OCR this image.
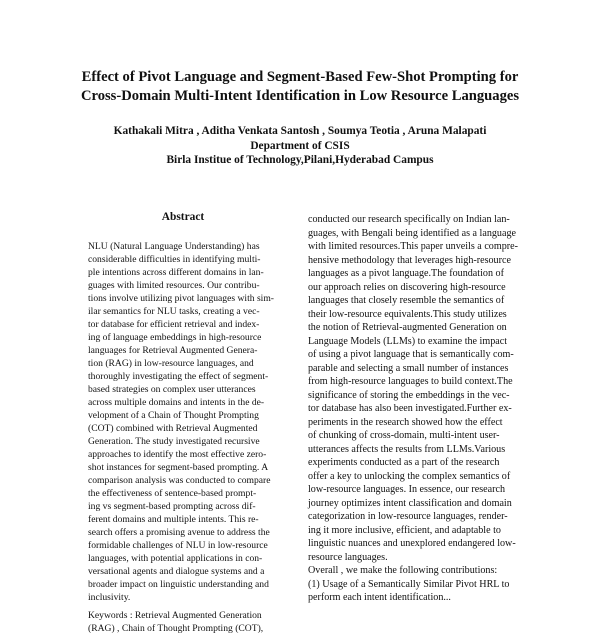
Effect of Pivot Language and Segment-Based Few-Shot Prompting for
Cross-Domain Multi-Intent Identification in Low Resource Languages
Kathakali Mitra , Aditha Venkata Santosh , Soumya Teotia , Aruna Malapati
Department of CSIS
Birla Institue of Technology,Pilani,Hyderabad Campus
Abstract
NLU (Natural Language Understanding) has
considerable difficulties in identifying multi-
ple intentions across different domains in lan-
guages with limited resources. Our contribu-
tions involve utilizing pivot languages with sim-
ilar semantics for NLU tasks, creating a vec-
tor database for efficient retrieval and index-
ing of language embeddings in high-resource
languages for Retrieval Augmented Genera-
tion (RAG) in low-resource languages, and
thoroughly investigating the effect of segment-
based strategies on complex user utterances
across multiple domains and intents in the de-
velopment of a Chain of Thought Prompting
(COT) combined with Retrieval Augmented
Generation. The study investigated recursive
approaches to identify the most effective zero-
shot instances for segment-based prompting. A
comparison analysis was conducted to compare
the effectiveness of sentence-based prompt-
ing vs segment-based prompting across dif-
ferent domains and multiple intents. This re-
search offers a promising avenue to address the
formidable challenges of NLU in low-resource
languages, with potential applications in con-
versational agents and dialogue systems and a
broader impact on linguistic understanding and
inclusivity.
Keywords : Retrieval Augmented Generation
(RAG) , Chain of Thought Prompting (COT),
conducted our research specifically on Indian lan-
guages, with Bengali being identified as a language
with limited resources.This paper unveils a compre-
hensive methodology that leverages high-resource
languages as a pivot language.The foundation of
our approach relies on discovering high-resource
languages that closely resemble the semantics of
their low-resource equivalents.This study utilizes
the notion of Retrieval-augmented Generation on
Language Models (LLMs) to examine the impact
of using a pivot language that is semantically com-
parable and selecting a small number of instances
from high-resource languages to build context.The
significance of storing the embeddings in the vec-
tor database has also been investigated.Further ex-
periments in the research showed how the effect
of chunking of cross-domain, multi-intent user-
utterances affects the results from LLMs.Various
experiments conducted as a part of the research
offer a key to unlocking the complex semantics of
low-resource languages. In essence, our research
journey optimizes intent classification and domain
categorization in low-resource languages, render-
ing it more inclusive, efficient, and adaptable to
linguistic nuances and unexplored endangered low-
resource languages.
Overall , we make the following contributions:
(1) Usage of a Semantically Similar Pivot HRL to
perform each intent identification...
